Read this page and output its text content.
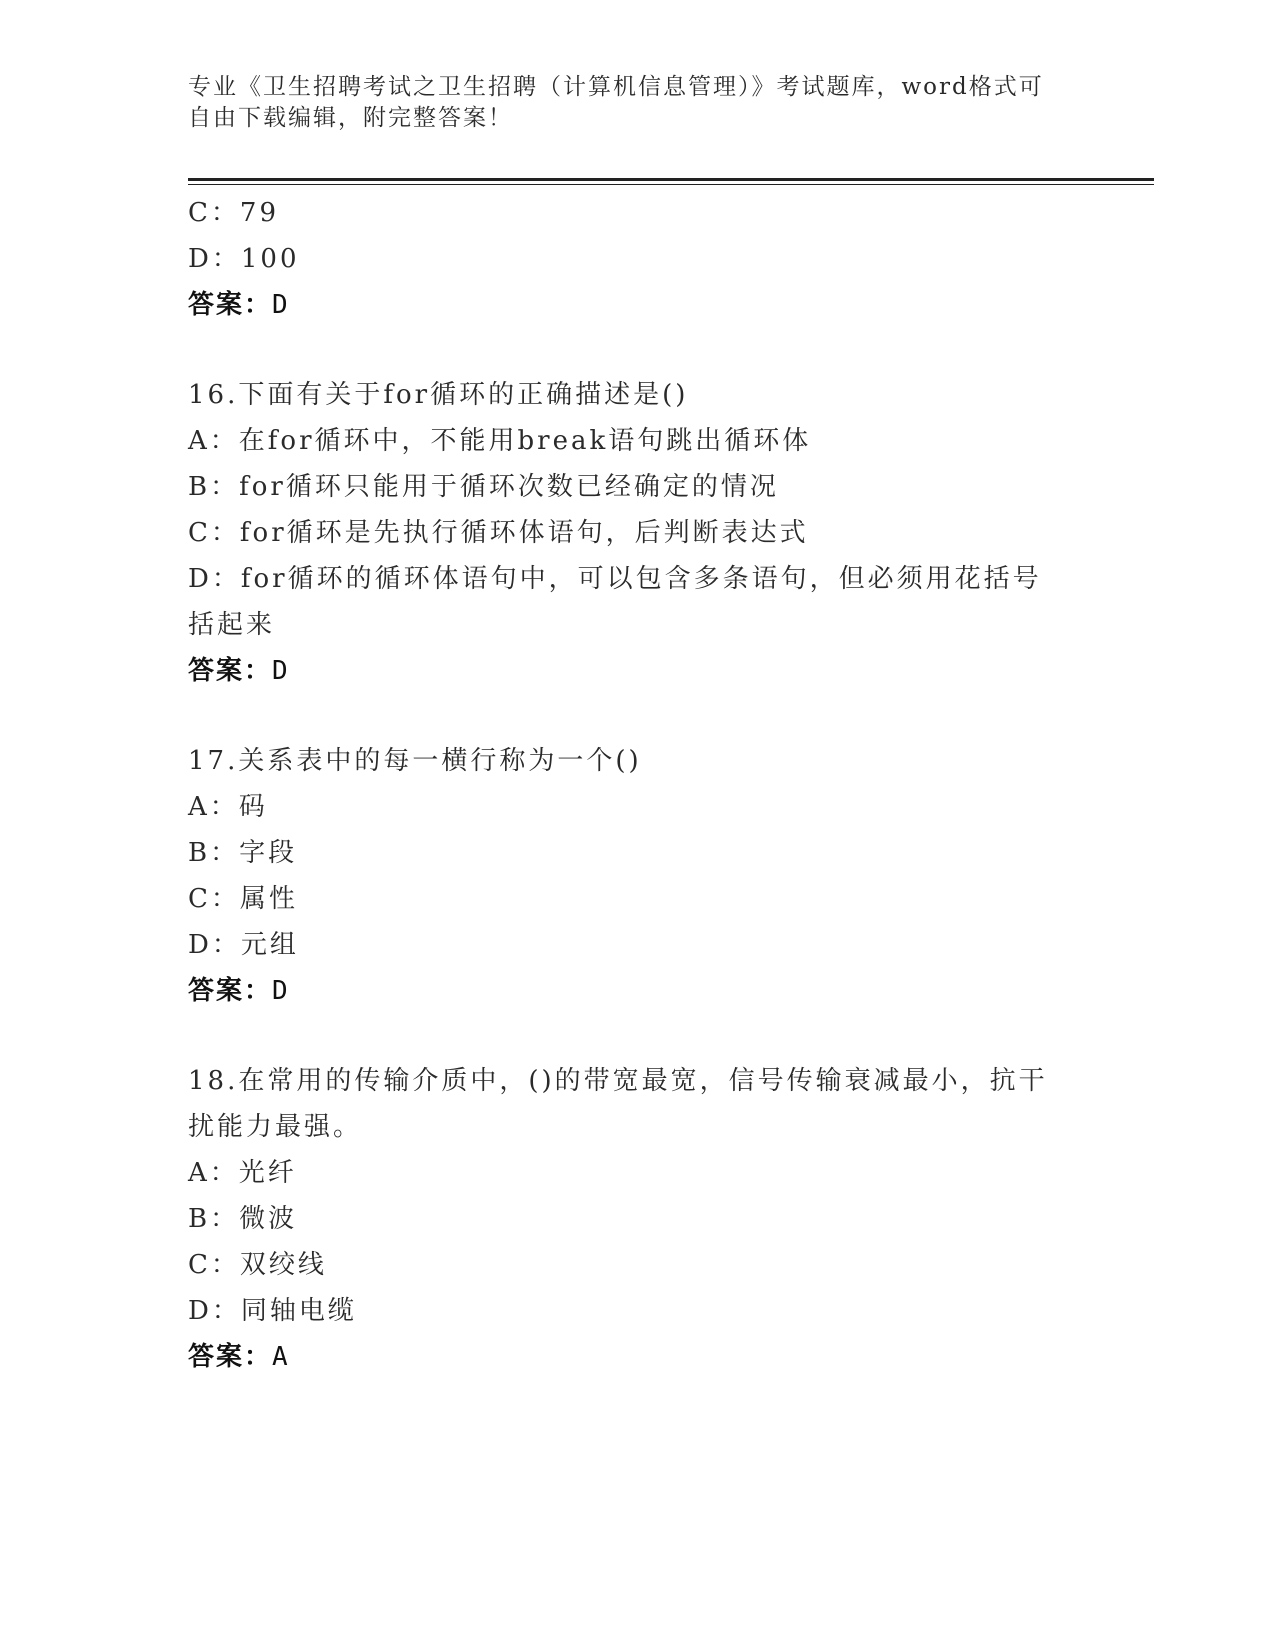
专业《卫生招聘考试之卫生招聘（计算机信息管理）》考试题库，word格式可自由下载编辑，附完整答案！
C：79
D：100
答案：D
16.下面有关于for循环的正确描述是()
A：在for循环中，不能用break语句跳出循环体
B：for循环只能用于循环次数已经确定的情况
C：for循环是先执行循环体语句，后判断表达式
D：for循环的循环体语句中，可以包含多条语句，但必须用花括号括起来
答案：D
17.关系表中的每一横行称为一个()
A：码
B：字段
C：属性
D：元组
答案：D
18.在常用的传输介质中，()的带宽最宽，信号传输衰减最小，抗干扰能力最强。
A：光纤
B：微波
C：双绞线
D：同轴电缆
答案：A
